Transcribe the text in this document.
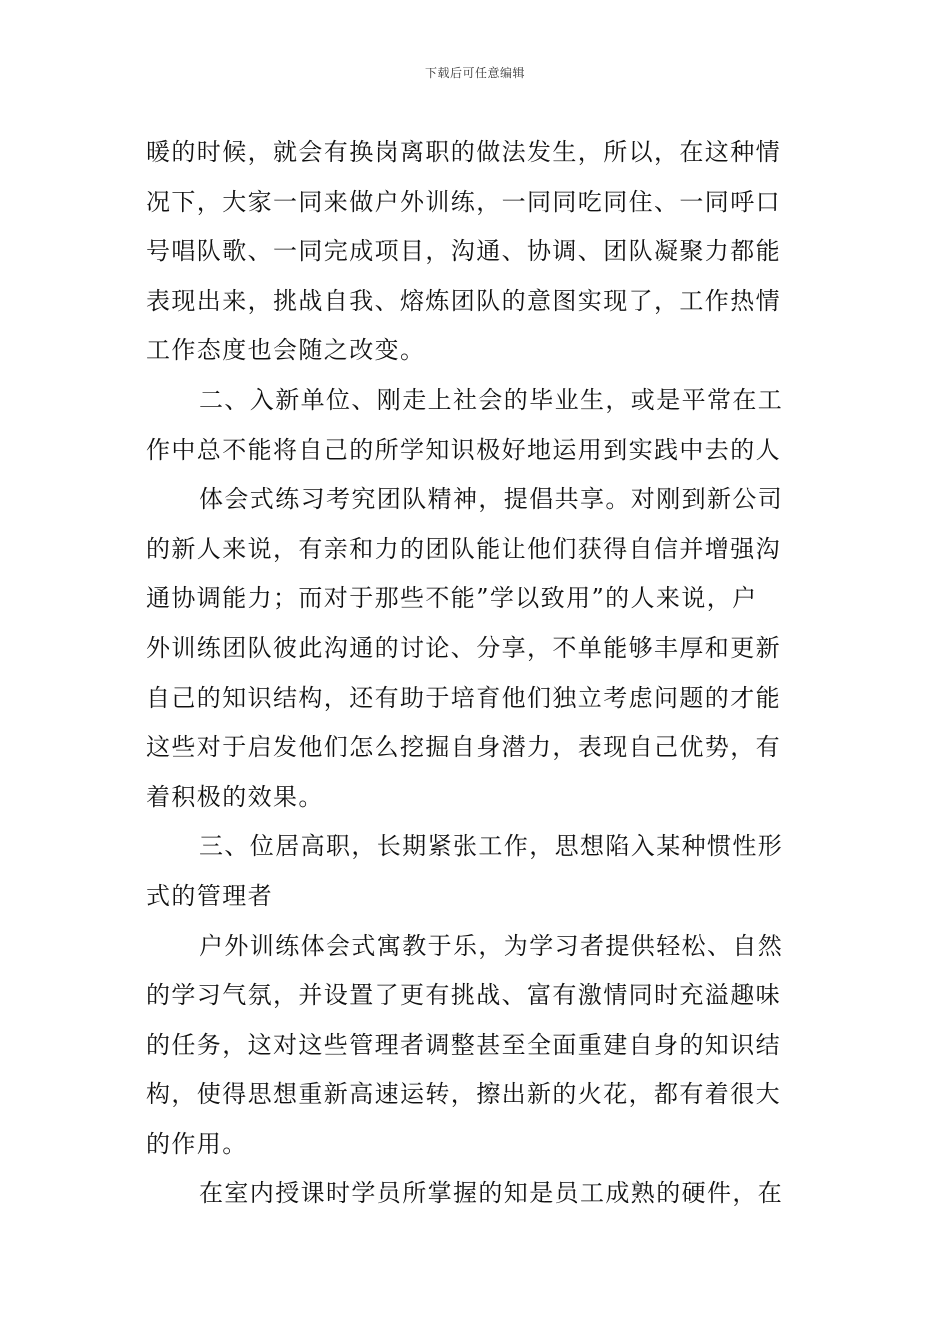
下载后可任意编辑
暖的时候，就会有换岗离职的做法发生，所以，在这种情
况下，大家一同来做户外训练，一同同吃同住、一同呼口
号唱队歌、一同完成项目，沟通、协调、团队凝聚力都能
表现出来，挑战自我、熔炼团队的意图实现了，工作热情
工作态度也会随之改变。
二、入新单位、刚走上社会的毕业生，或是平常在工
作中总不能将自己的所学知识极好地运用到实践中去的人
体会式练习考究团队精神，提倡共享。对刚到新公司
的新人来说，有亲和力的团队能让他们获得自信并增强沟
通协调能力；而对于那些不能”学以致用”的人来说，户
外训练团队彼此沟通的讨论、分享，不单能够丰厚和更新
自己的知识结构，还有助于培育他们独立考虑问题的才能
这些对于启发他们怎么挖掘自身潜力，表现自己优势，有
着积极的效果。
三、位居高职，长期紧张工作，思想陷入某种惯性形
式的管理者
户外训练体会式寓教于乐，为学习者提供轻松、自然
的学习气氛，并设置了更有挑战、富有激情同时充溢趣味
的任务，这对这些管理者调整甚至全面重建自身的知识结
构，使得思想重新高速运转，擦出新的火花，都有着很大
的作用。
在室内授课时学员所掌握的知是员工成熟的硬件，在
